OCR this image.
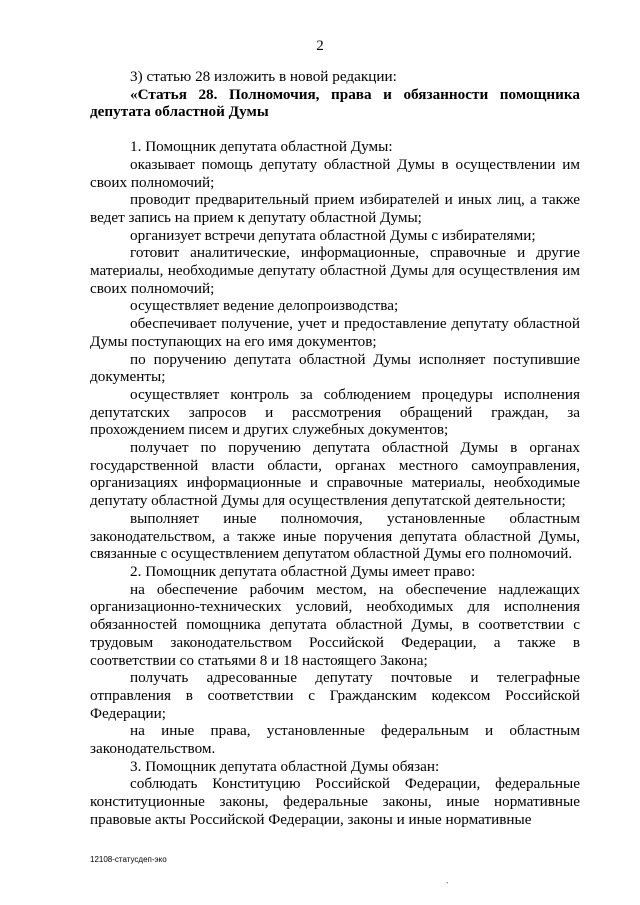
2

3) статью 28 изложить в новой редакции:

«Статья 28. Полномочия, права и обязанности помощника депутата областной Думы

1. Помощник депутата областной Думы:

оказывает помощь депутату областной Думы в осуществлении им своих полномочий;

проводит предварительный прием избирателей и иных лиц, а также ведет запись на прием к депутату областной Думы;

организует встречи депутата областной Думы с избирателями;

готовит аналитические, информационные, справочные и другие материалы, необходимые депутату областной Думы для осуществления им своих полномочий;

осуществляет ведение делопроизводства;

обеспечивает получение, учет и предоставление депутату областной Думы поступающих на его имя документов;

по поручению депутата областной Думы исполняет поступившие документы;

осуществляет контроль за соблюдением процедуры исполнения депутатских запросов и рассмотрения обращений граждан, за прохождением писем и других служебных документов;

получает по поручению депутата областной Думы в органах государственной власти области, органах местного самоуправления, организациях информационные и справочные материалы, необходимые депутату областной Думы для осуществления депутатской деятельности;

выполняет иные полномочия, установленные областным законодательством, а также иные поручения депутата областной Думы, связанные с осуществлением депутатом областной Думы его полномочий.

2. Помощник депутата областной Думы имеет право:

на обеспечение рабочим местом, на обеспечение надлежащих организационно-технических условий, необходимых для исполнения обязанностей помощника депутата областной Думы, в соответствии с трудовым законодательством Российской Федерации, а также в соответствии со статьями 8 и 18 настоящего Закона;

получать адресованные депутату почтовые и телеграфные отправления в соответствии с Гражданским кодексом Российской Федерации;

на иные права, установленные федеральным и областным законодательством.

3. Помощник депутата областной Думы обязан:

соблюдать Конституцию Российской Федерации, федеральные конституционные законы, федеральные законы, иные нормативные правовые акты Российской Федерации, законы и иные нормативные

12108-статусдеп-эко
`
